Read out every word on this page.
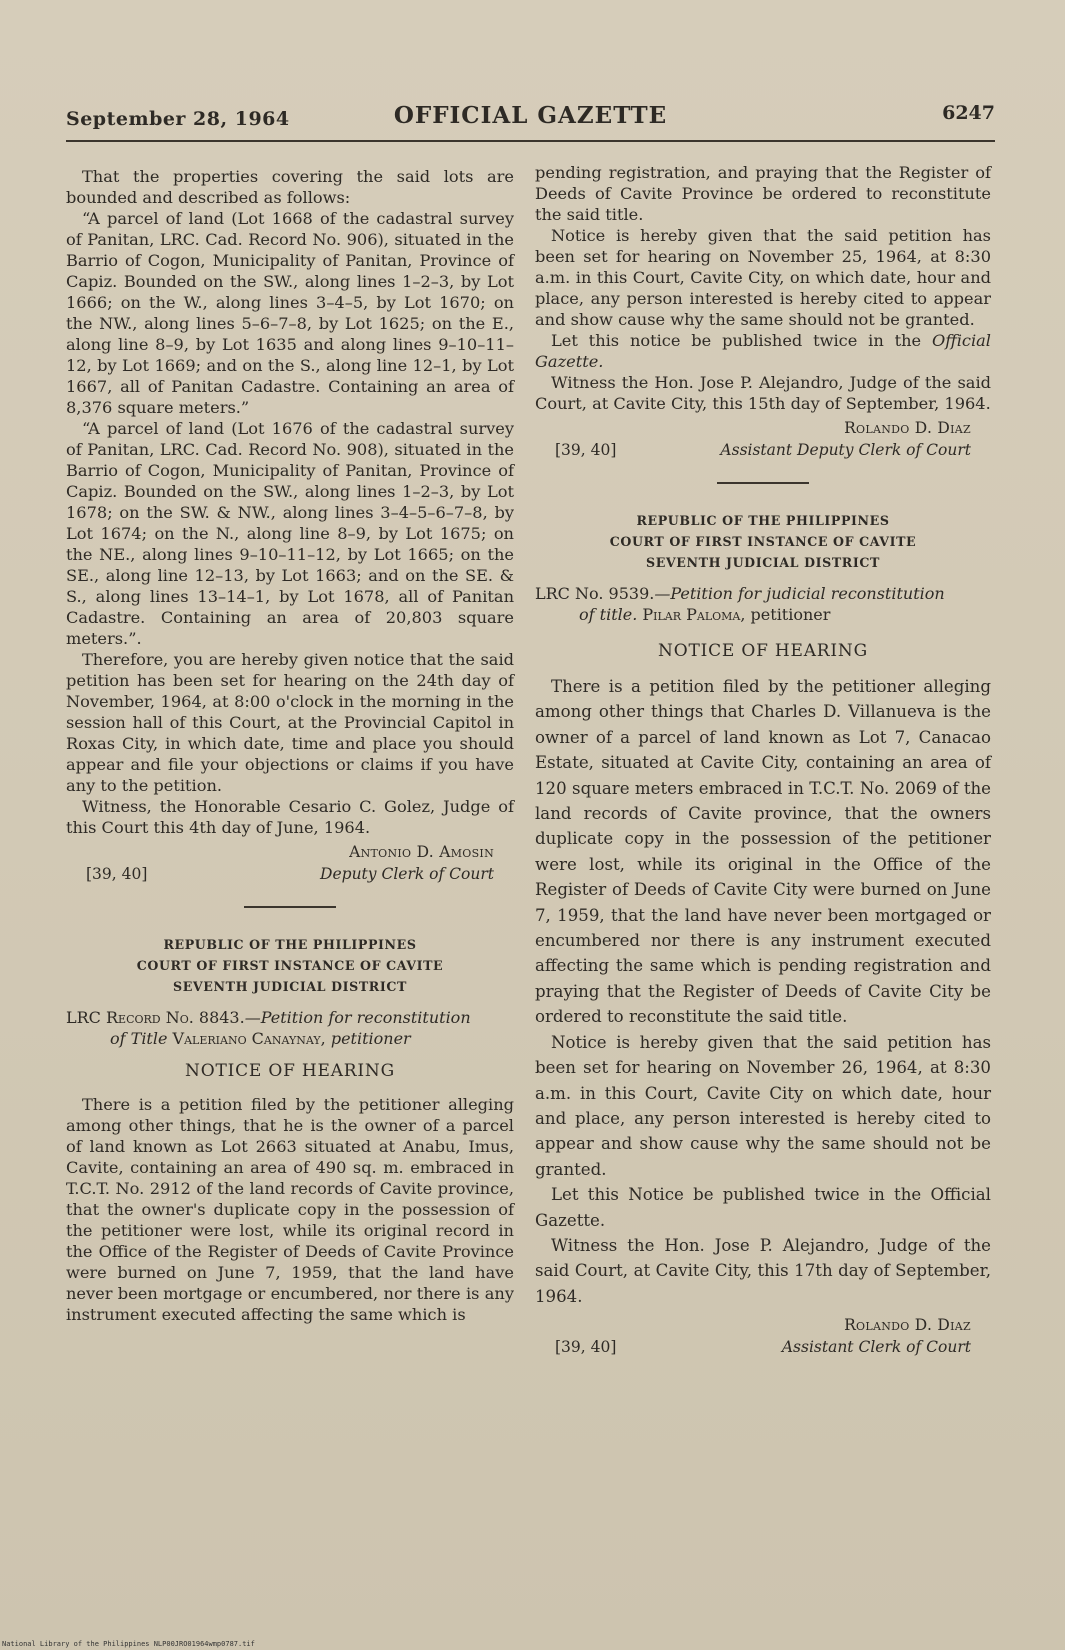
September 28, 1964	OFFICIAL GAZETTE	6247

That the properties covering the said lots are bounded and described as follows:

“A parcel of land (Lot 1668 of the cadastral survey of Panitan, LRC. Cad. Record No. 906), situated in the Barrio of Cogon, Municipality of Panitan, Province of Capiz. Bounded on the SW., along lines 1–2–3, by Lot 1666; on the W., along lines 3–4–5, by Lot 1670; on the NW., along lines 5–6–7–8, by Lot 1625; on the E., along line 8–9, by Lot 1635 and along lines 9–10–11–12, by Lot 1669; and on the S., along line 12–1, by Lot 1667, all of Panitan Cadastre. Containing an area of 8,376 square meters.”

“A parcel of land (Lot 1676 of the cadastral survey of Panitan, LRC. Cad. Record No. 908), situated in the Barrio of Cogon, Municipality of Panitan, Province of Capiz. Bounded on the SW., along lines 1–2–3, by Lot 1678; on the SW. & NW., along lines 3–4–5–6–7–8, by Lot 1674; on the N., along line 8–9, by Lot 1675; on the NE., along lines 9–10–11–12, by Lot 1665; on the SE., along line 12–13, by Lot 1663; and on the SE. & S., along lines 13–14–1, by Lot 1678, all of Panitan Cadastre. Containing an area of 20,803 square meters.”.

Therefore, you are hereby given notice that the said petition has been set for hearing on the 24th day of November, 1964, at 8:00 o'clock in the morning in the session hall of this Court, at the Provincial Capitol in Roxas City, in which date, time and place you should appear and file your objections or claims if you have any to the petition.

Witness, the Honorable Cesario C. Golez, Judge of this Court this 4th day of June, 1964.

Antonio D. Amosin
[39, 40]	Deputy Clerk of Court
REPUBLIC OF THE PHILIPPINES
COURT OF FIRST INSTANCE OF CAVITE
SEVENTH JUDICIAL DISTRICT
LRC Record No. 8843.—Petition for reconstitution
of Title Valeriano Canaynay, petitioner
NOTICE OF HEARING

There is a petition filed by the petitioner alleging among other things, that he is the owner of a parcel of land known as Lot 2663 situated at Anabu, Imus, Cavite, containing an area of 490 sq. m. embraced in T.C.T. No. 2912 of the land records of Cavite province, that the owner's duplicate copy in the possession of the petitioner were lost, while its original record in the Office of the Register of Deeds of Cavite Province were burned on June 7, 1959, that the land have never been mortgage or encumbered, nor there is any instrument executed affecting the same which is

pending registration, and praying that the Register of Deeds of Cavite Province be ordered to reconstitute the said title.

Notice is hereby given that the said petition has been set for hearing on November 25, 1964, at 8:30 a.m. in this Court, Cavite City, on which date, hour and place, any person interested is hereby cited to appear and show cause why the same should not be granted.

Let this notice be published twice in the Official Gazette.

Witness the Hon. Jose P. Alejandro, Judge of the said Court, at Cavite City, this 15th day of September, 1964.

Rolando D. Diaz
[39, 40]	Assistant Deputy Clerk of Court
REPUBLIC OF THE PHILIPPINES
COURT OF FIRST INSTANCE OF CAVITE
SEVENTH JUDICIAL DISTRICT
LRC No. 9539.—Petition for judicial reconstitution
of title. Pilar Paloma, petitioner
NOTICE OF HEARING

There is a petition filed by the petitioner alleging among other things that Charles D. Villanueva is the owner of a parcel of land known as Lot 7, Canacao Estate, situated at Cavite City, containing an area of 120 square meters embraced in T.C.T. No. 2069 of the land records of Cavite province, that the owners duplicate copy in the possession of the petitioner were lost, while its original in the Office of the Register of Deeds of Cavite City were burned on June 7, 1959, that the land have never been mortgaged or encumbered nor there is any instrument executed affecting the same which is pending registration and praying that the Register of Deeds of Cavite City be ordered to reconstitute the said title.

Notice is hereby given that the said petition has been set for hearing on November 26, 1964, at 8:30 a.m. in this Court, Cavite City on which date, hour and place, any person interested is hereby cited to appear and show cause why the same should not be granted.

Let this Notice be published twice in the Official Gazette.

Witness the Hon. Jose P. Alejandro, Judge of the said Court, at Cavite City, this 17th day of September, 1964.

Rolando D. Diaz
[39, 40]	Assistant Clerk of Court
National Library of the Philippines NLP00JRO01964wmp0787.tif
